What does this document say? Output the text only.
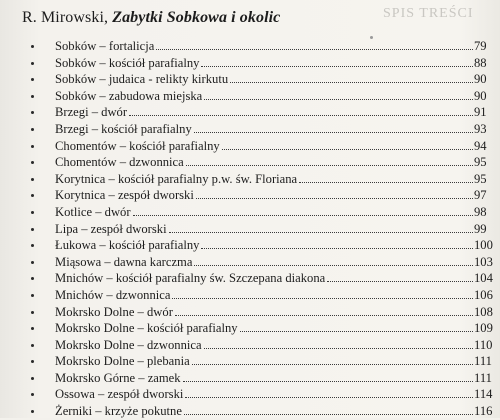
R. Mirowski, Zabytki Sobkowa i okolic	SPIS TREŚCI
Sobków – fortalicja	79
Sobków – kościół parafialny	88
Sobków – judaica - relikty kirkutu	90
Sobków – zabudowa miejska	90
Brzegi – dwór	91
Brzegi – kościół parafialny	93
Chomentów – kościół parafialny	94
Chomentów – dzwonnica	95
Korytnica – kościół parafialny p.w. św. Floriana	95
Korytnica – zespół dworski	97
Kotlice – dwór	98
Lipa – zespół dworski	99
Łukowa – kościół parafialny	100
Miąsowa – dawna karczma	103
Mnichów – kościół parafialny św. Szczepana diakona	104
Mnichów – dzwonnica	106
Mokrsko Dolne – dwór	108
Mokrsko Dolne – kościół parafialny	109
Mokrsko Dolne – dzwonnica	110
Mokrsko Dolne – plebania	111
Mokrsko Górne – zamek	111
Ossowa – zespół dworski	114
Żerniki – krzyże pokutne	116
